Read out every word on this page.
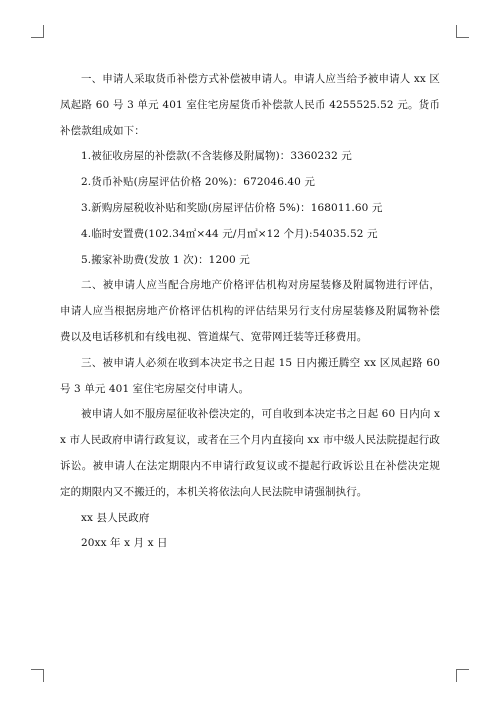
一、申请人采取货币补偿方式补偿被申请人。申请人应当给予被申请人 xx 区凤起路 60 号 3 单元 401 室住宅房屋货币补偿款人民币 4255525.52 元。货币补偿款组成如下：

1.被征收房屋的补偿款(不含装修及附属物)：3360232 元

2.货币补贴(房屋评估价格 20%)：672046.40 元

3.新购房屋税收补贴和奖励(房屋评估价格 5%)：168011.60 元

4.临时安置费(102.34㎡×44 元/月㎡×12 个月):54035.52 元

5.搬家补助费(发放 1 次)：1200 元

二、被申请人应当配合房地产价格评估机构对房屋装修及附属物进行评估，申请人应当根据房地产价格评估机构的评估结果另行支付房屋装修及附属物补偿费以及电话移机和有线电视、管道煤气、宽带网迁装等迁移费用。

三、被申请人必须在收到本决定书之日起 15 日内搬迁腾空 xx 区凤起路 60 号 3 单元 401 室住宅房屋交付申请人。

被申请人如不服房屋征收补偿决定的，可自收到本决定书之日起 60 日内向 xx 市人民政府申请行政复议，或者在三个月内直接向 xx 市中级人民法院提起行政诉讼。被申请人在法定期限内不申请行政复议或不提起行政诉讼且在补偿决定规定的期限内又不搬迁的，本机关将依法向人民法院申请强制执行。

xx 县人民政府

20xx 年 x 月 x 日
